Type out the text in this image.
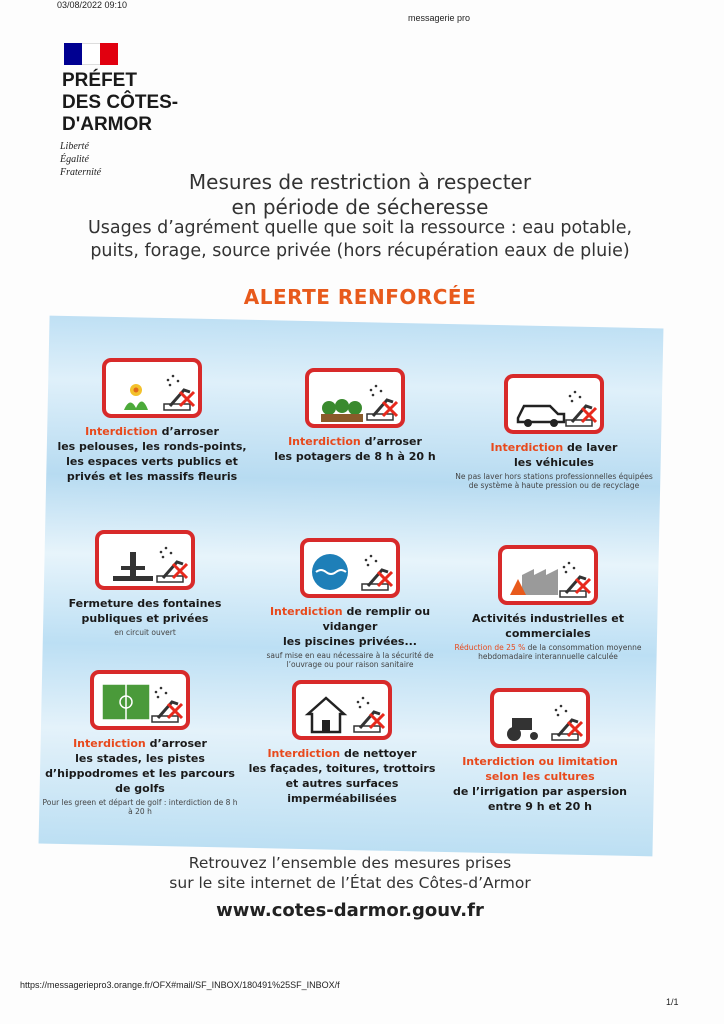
03/08/2022 09:10
messagerie pro
PRÉFET
DES CÔTES-
D'ARMOR
Liberté
Égalité
Fraternité	Mesures de restriction à respecter
en période de sécheresse
Usages d’agrément quelle que soit la ressource : eau potable,
puits, forage, source privée (hors récupération eaux de pluie)
ALERTE RENFORCÉE
Interdiction d’arroser
les pelouses, les ronds-points, les espaces verts publics et privés et les massifs fleuris
Interdiction d’arroser
les potagers de 8 h à 20 h
Interdiction de laver
les véhicules
Ne pas laver hors stations professionnelles équipées de système à haute pression ou de recyclage
Fermeture des fontaines publiques et privées
en circuit ouvert
Interdiction de remplir ou vidanger
les piscines privées...
sauf mise en eau nécessaire à la sécurité de l’ouvrage ou pour raison sanitaire
Activités industrielles et commerciales
Réduction de 25 % de la consommation moyenne hebdomadaire interannuelle calculée
Interdiction d’arroser
les stades, les pistes d’hippodromes et les parcours de golfs
Pour les green et départ de golf : interdiction de 8 h à 20 h
Interdiction de nettoyer
les façades, toitures, trottoirs et autres surfaces imperméabilisées
Interdiction ou limitation
selon les cultures
de l’irrigation par aspersion entre 9 h et 20 h
Retrouvez l’ensemble des mesures prises
sur le site internet de l’État des Côtes-d’Armor
www.cotes-darmor.gouv.fr
https://messageriepro3.orange.fr/OFX#mail/SF_INBOX/180491%25SF_INBOX/f
1/1
